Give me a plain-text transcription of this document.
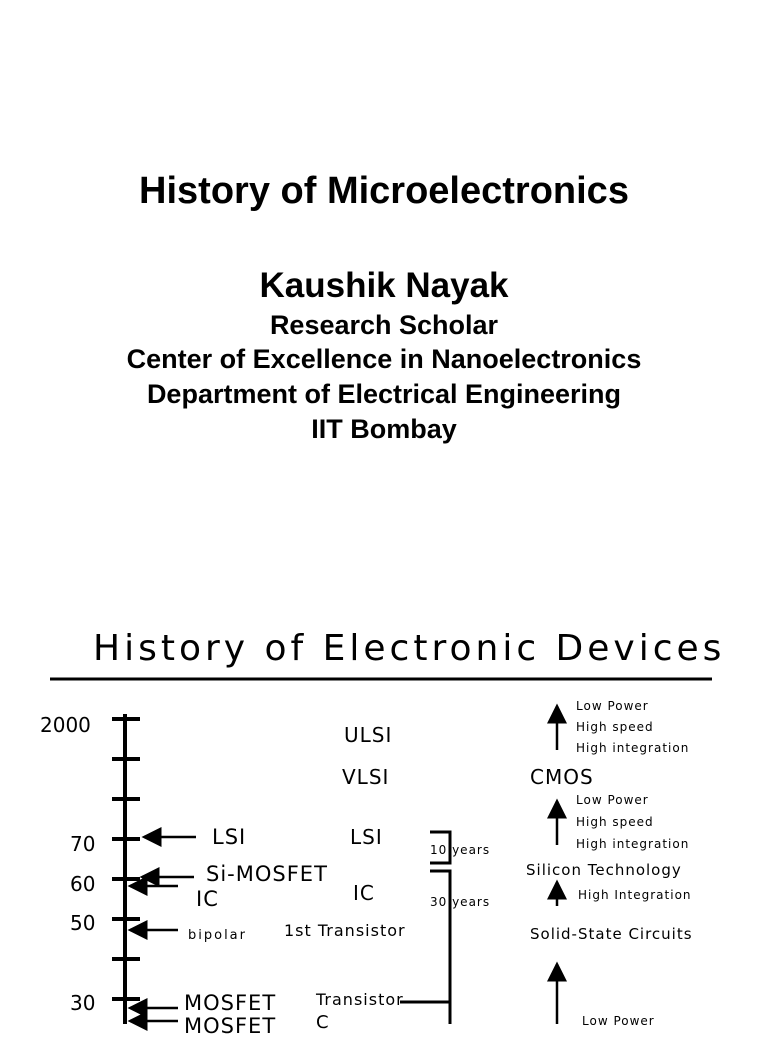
History of Microelectronics
Kaushik Nayak
Research Scholar
Center of Excellence in Nanoelectronics
Department of Electrical Engineering
IIT Bombay
History of Electronic Devices
2000
70
60
50
30
LSI
Si-MOSFET
IC
bipolar
MOSFET
MOSFET
ULSI
VLSI
LSI
IC
1st Transistor
Transistor
C
10 years
30 years
Low Power
High speed
High integration
CMOS
Low Power
High speed
High integration
Silicon Technology
High Integration
Solid-State Circuits
Low Power
